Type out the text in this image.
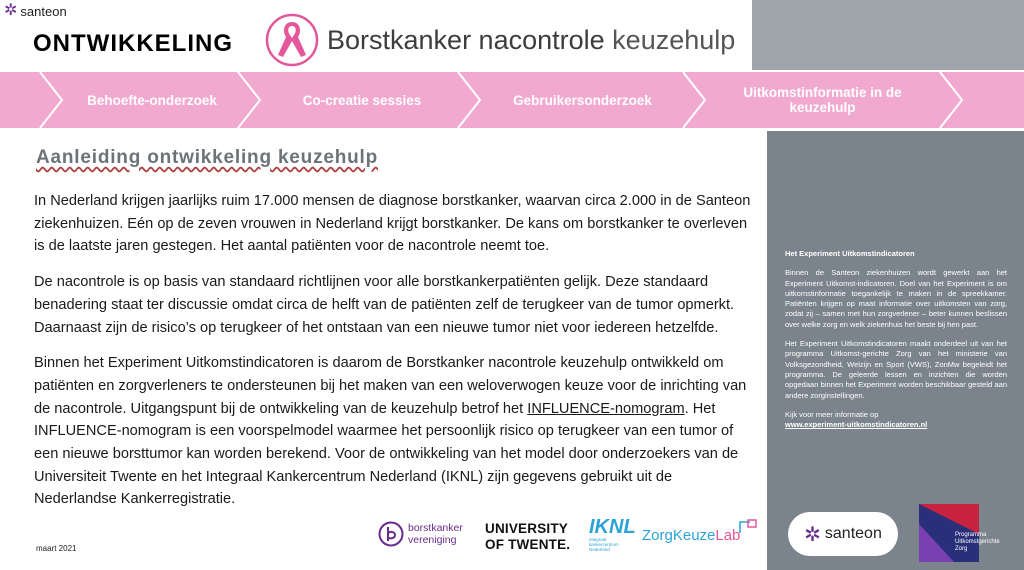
✲ santeon
ONTWIKKELING	Borstkanker nacontrole keuzehulp
Behoefte-onderzoek	Co-creatie sessies	Gebruikersonderzoek	Uitkomstinformatie in de keuzehulp
Aanleiding ontwikkeling keuzehulp

In Nederland krijgen jaarlijks ruim 17.000 mensen de diagnose borstkanker, waarvan circa 2.000 in de Santeon ziekenhuizen. Eén op de zeven vrouwen in Nederland krijgt borstkanker. De kans om borstkanker te overleven is de laatste jaren gestegen. Het aantal patiënten voor de nacontrole neemt toe.

De nacontrole is op basis van standaard richtlijnen voor alle borstkankerpatiënten gelijk. Deze standaard benadering staat ter discussie omdat circa de helft van de patiënten zelf de terugkeer van de tumor opmerkt. Daarnaast zijn de risico’s op terugkeer of het ontstaan van een nieuwe tumor niet voor iedereen hetzelfde.

Binnen het Experiment Uitkomstindicatoren is daarom de Borstkanker nacontrole keuzehulp ontwikkeld om patiënten en zorgverleners te ondersteunen bij het maken van een weloverwogen keuze voor de inrichting van de nacontrole. Uitgangspunt bij de ontwikkeling van de keuzehulp betrof het INFLUENCE-nomogram. Het INFLUENCE-nomogram is een voorspelmodel waarmee het persoonlijk risico op terugkeer van een tumor of een nieuwe borsttumor kan worden berekend. Voor de ontwikkeling van het model door onderzoekers van de Universiteit Twente en het Integraal Kankercentrum Nederland (IKNL) zijn gegevens gebruikt uit de Nederlandse Kankerregistratie.

maart 2021
borstkanker
vereniging
UNIVERSITY
OF TWENTE.
IKNL
integraal kankercentrum Nederland
ZorgKeuzeLab
Het Experiment Uitkomstindicatoren

Binnen de Santeon ziekenhuizen wordt gewerkt aan het Experiment Uitkomst-indicatoren. Doel van het Experiment is om uitkomstinformatie toegankelijk te maken in de spreekkamer. Patiënten krijgen op maat informatie over uitkomsten van zorg, zodat zij – samen met hun zorgverlener – beter kunnen beslissen over welke zorg en welk ziekenhuis het beste bij hen past.

Het Experiment Uitkomstindicatoren maakt onderdeel uit van het programma Uitkomst-gerichte Zorg van het ministerie van Volksgezondheid, Welzijn en Sport (VWS), ZonMw begeleidt het programma. De geleerde lessen en inzichten die worden opgedaan binnen het Experiment worden beschikbaar gesteld aan andere zorginstellingen.

Kijk voor meer informatie op
www.experiment-uitkomstindicatoren.nl

✲ santeon	Programma Uitkomstgerichte Zorg
